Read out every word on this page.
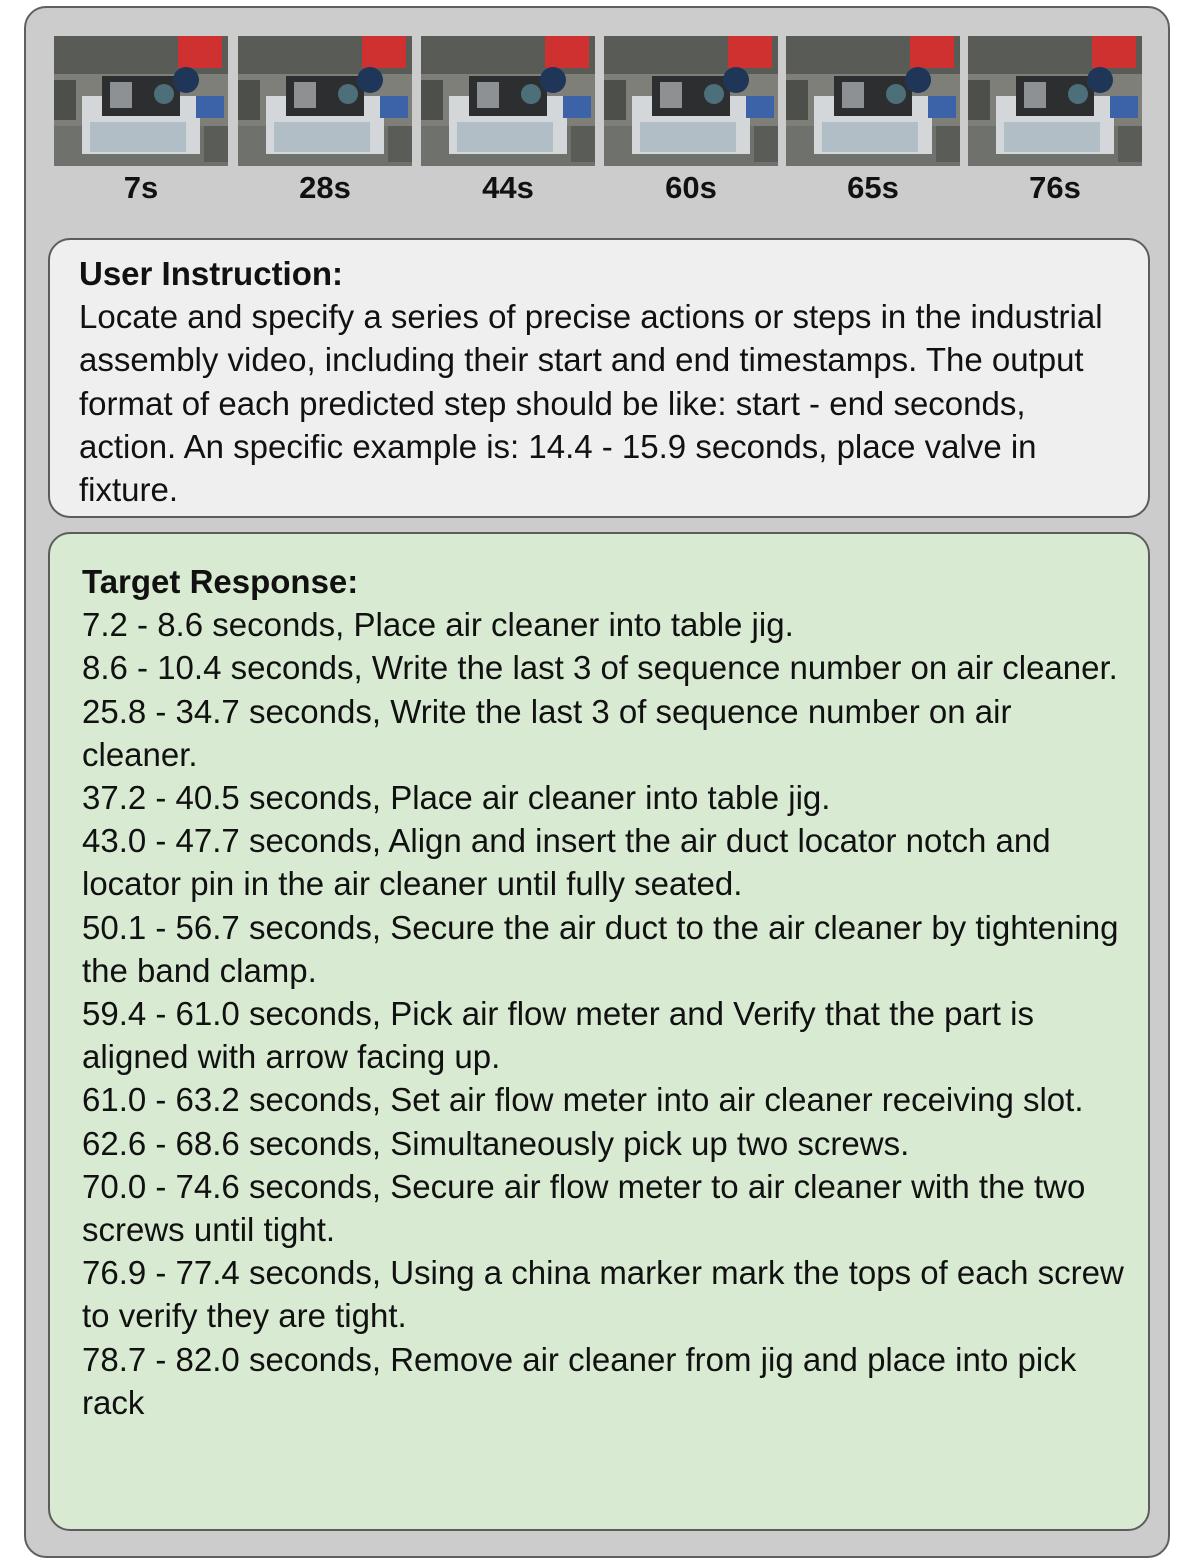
7s	28s	44s	60s	65s	76s
User Instruction:
Locate and specify a series of precise actions or steps in the industrial assembly video, including their start and end timestamps. The output format of each predicted step should be like: start - end seconds, action. An specific example is: 14.4 - 15.9 seconds, place valve in fixture.
Target Response:
7.2 - 8.6 seconds, Place air cleaner into table jig.
8.6 - 10.4 seconds, Write the last 3 of sequence number on air cleaner.
25.8 - 34.7 seconds, Write the last 3 of sequence number on air cleaner.
37.2 - 40.5 seconds, Place air cleaner into table jig.
43.0 - 47.7 seconds, Align and insert the air duct locator notch and locator pin in the air cleaner until fully seated.
50.1 - 56.7 seconds, Secure the air duct to the air cleaner by tightening the band clamp.
59.4 - 61.0 seconds, Pick air flow meter and Verify that the part is aligned with arrow facing up.
61.0 - 63.2 seconds, Set air flow meter into air cleaner receiving slot.
62.6 - 68.6 seconds, Simultaneously pick up two screws.
70.0 - 74.6 seconds, Secure air flow meter to air cleaner with the two screws until tight.
76.9 - 77.4 seconds, Using a china marker mark the tops of each screw to verify they are tight.
78.7 - 82.0 seconds, Remove air cleaner from jig and place into pick rack
